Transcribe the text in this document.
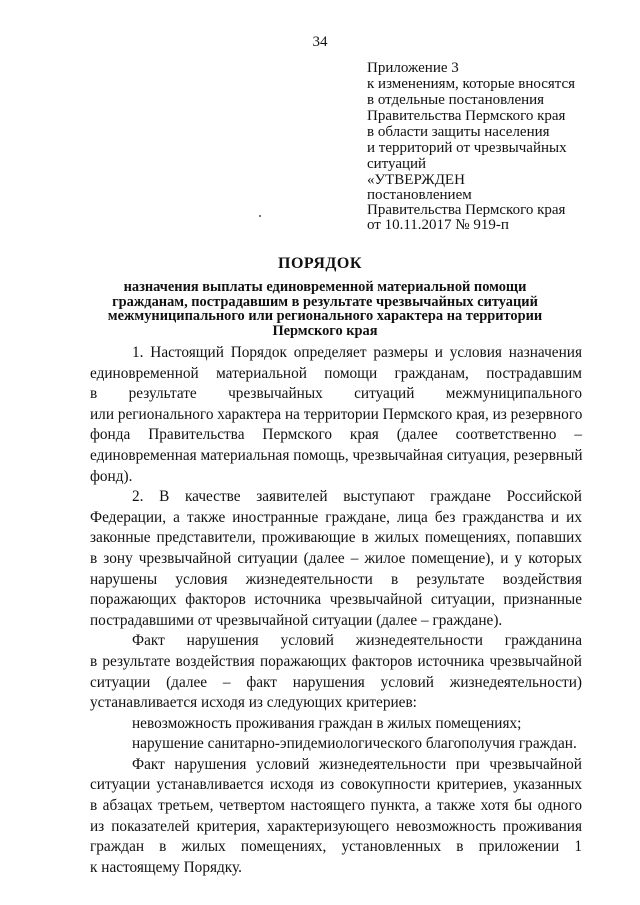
34
Приложение 3
к изменениям, которые вносятся
в отдельные постановления
Правительства Пермского края
в области защиты населения
и территорий от чрезвычайных
ситуаций
«УТВЕРЖДЕН
постановлением
Правительства Пермского края
от 10.11.2017 № 919-п
ПОРЯДОК
назначения выплаты единовременной материальной помощи
гражданам, пострадавшим в результате чрезвычайных ситуаций
межмуниципального или регионального характера на территории
Пермского края
1. Настоящий Порядок определяет размеры и условия назначения
единовременной материальной помощи гражданам, пострадавшим
в результате чрезвычайных ситуаций межмуниципального
или регионального характера на территории Пермского края, из резервного
фонда Правительства Пермского края (далее соответственно –
единовременная материальная помощь, чрезвычайная ситуация, резервный
фонд).
2. В качестве заявителей выступают граждане Российской
Федерации, а также иностранные граждане, лица без гражданства и их
законные представители, проживающие в жилых помещениях, попавших
в зону чрезвычайной ситуации (далее – жилое помещение), и у которых
нарушены условия жизнедеятельности в результате воздействия
поражающих факторов источника чрезвычайной ситуации, признанные
пострадавшими от чрезвычайной ситуации (далее – граждане).
Факт нарушения условий жизнедеятельности гражданина
в результате воздействия поражающих факторов источника чрезвычайной
ситуации (далее – факт нарушения условий жизнедеятельности)
устанавливается исходя из следующих критериев:
невозможность проживания граждан в жилых помещениях;
нарушение санитарно-эпидемиологического благополучия граждан.
Факт нарушения условий жизнедеятельности при чрезвычайной
ситуации устанавливается исходя из совокупности критериев, указанных
в абзацах третьем, четвертом настоящего пункта, а также хотя бы одного
из показателей критерия, характеризующего невозможность проживания
граждан в жилых помещениях, установленных в приложении 1
к настоящему Порядку.
